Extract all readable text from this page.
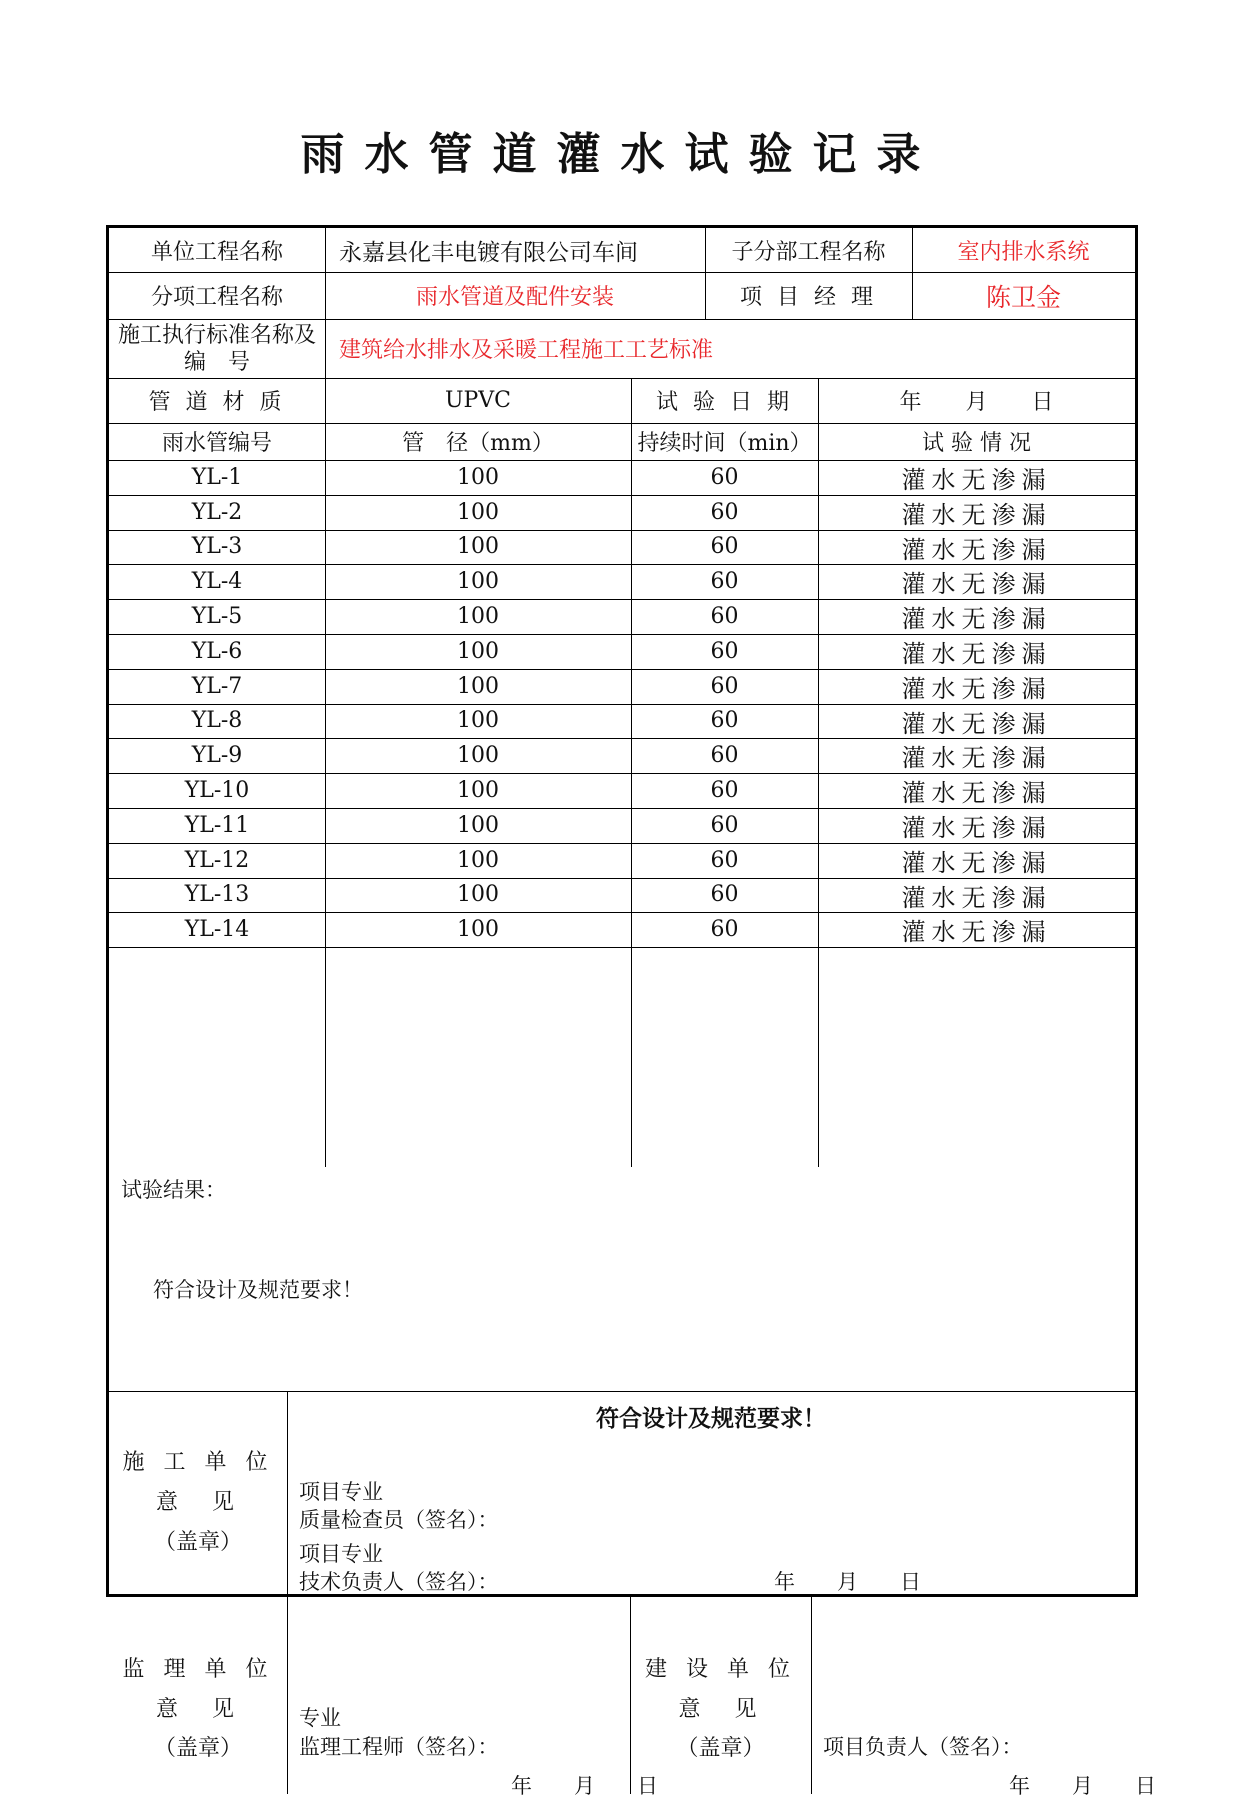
雨水管道灌水试验记录
单位工程名称	永嘉县化丰电镀有限公司车间	子分部工程名称	室内排水系统
分项工程名称	雨水管道及配件安装	项 目 经 理	陈卫金
施工执行标准名称及
编　号	建筑给水排水及采暖工程施工工艺标准
管 道 材 质	UPVC	试 验 日 期	年　　月　　日
雨水管编号	管　径（mm）	持续时间（min）	试 验 情 况
YL-1	100	60	灌水无渗漏
YL-2	100	60	灌水无渗漏
YL-3	100	60	灌水无渗漏
YL-4	100	60	灌水无渗漏
YL-5	100	60	灌水无渗漏
YL-6	100	60	灌水无渗漏
YL-7	100	60	灌水无渗漏
YL-8	100	60	灌水无渗漏
YL-9	100	60	灌水无渗漏
YL-10	100	60	灌水无渗漏
YL-11	100	60	灌水无渗漏
YL-12	100	60	灌水无渗漏
YL-13	100	60	灌水无渗漏
YL-14	100	60	灌水无渗漏
试验结果：
符合设计及规范要求！
施 工 单 位
意　见
（盖章）
符合设计及规范要求！
项目专业
质量检查员（签名）：
项目专业
技术负责人（签名）：	年　　月　　日
监 理 单 位
意　见
（盖章）
专业
监理工程师（签名）：
年　　月　　日
建 设 单 位
意　见
（盖章）	项目负责人（签名）：
年　　月　　日
